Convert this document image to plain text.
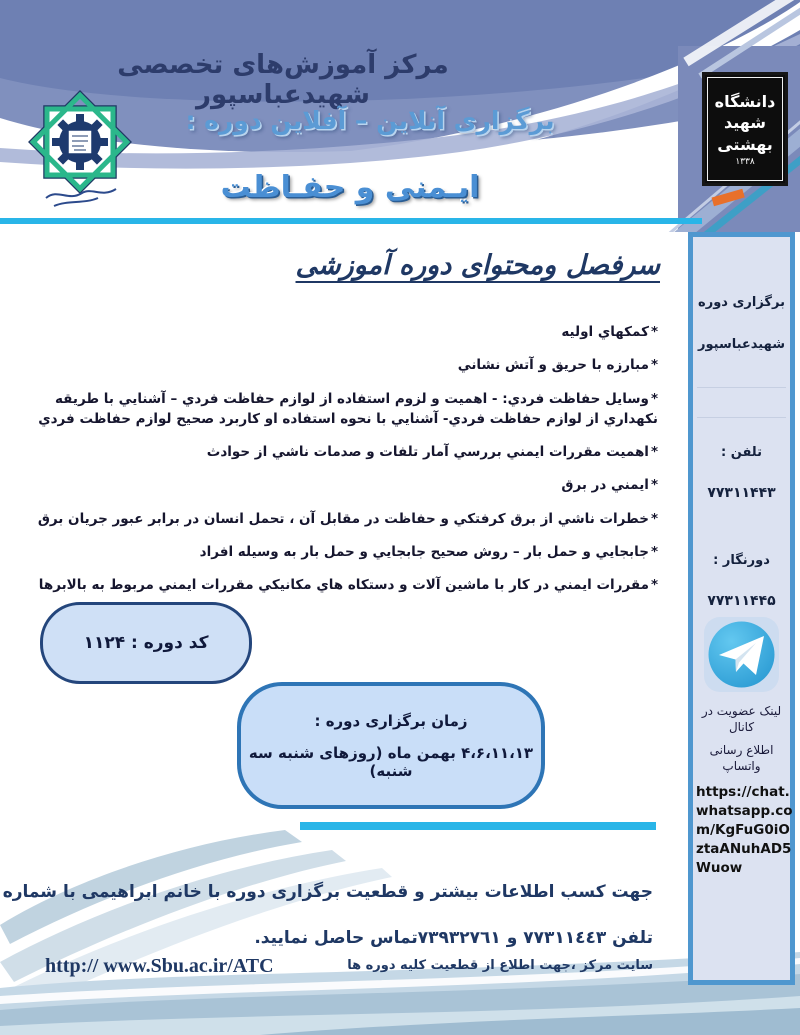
مرکز آموزش‌های تخصصی شهیدعباسپور
برگزاری آنلاین – آفلاین دوره :
ایـمنی و حفـاظت
دانشگاه
شهید
بهشتی
۱۳۳۸
سرفصل ومحتوای دوره آموزشی
*كمكهاي اوليه
*مبارزه با حريق و آتش نشاني
*وسايل حفاظت فردي: - اهميت و لزوم استفاده از لوازم حفاظت فردي – آشنايي با طريقه نكهداري از لوازم حفاظت فردي- آشنايي با نحوه استفاده او كاربرد صحيح لوازم حفاظت فردي
*اهميت مقررات ايمني بررسي آمار تلفات و صدمات ناشي از حوادث
*ايمني در برق
*خطرات ناشي از برق كرفتكي و حفاظت در مقابل آن ، تحمل انسان در برابر عبور جريان برق
*جابجايي و حمل بار – روش صحيح جابجايي و حمل بار به وسيله افراد
*مقررات ايمني در كار با ماشين آلات و دستكاه هاي مكانيكي مقررات ايمني مربوط به بالابرها
کد دوره : ۱۱۲۴
زمان برگزاری دوره :
۴،۶،۱۱،۱۳ بهمن ماه (روزهای شنبه سه شنبه)
برگزاری دوره
شهیدعباسپور
تلفن :
۷۷۳۱۱۴۴۳
دورنگار :
۷۷۳۱۱۴۴۵
لینک عضویت در کانال
اطلاع رسانی واتساپ
https://chat.whatsapp.com/KgFuG0iOztaANuhAD5Wuow
جهت کسب اطلاعات بیشتر و قطعیت برگزاری دوره با خانم ابراهیمی با شماره
تلفن ٧٧٣١١٤٤٣ و ٧٣٩٣٢٧٦١تماس حاصل نمایید.
http:// www.Sbu.ac.ir/ATC	سایت مرکز ،جهت اطلاع از قطعیت کلیه دوره ها
